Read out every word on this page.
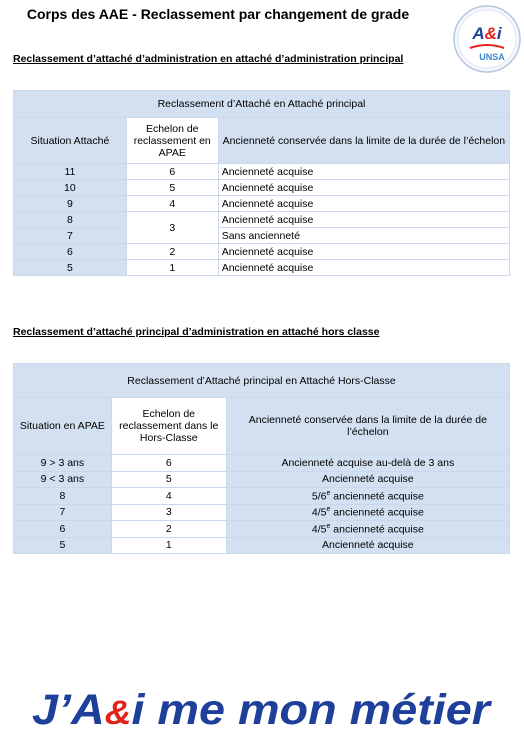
Corps des AAE - Reclassement par changement de grade
A&i
UNSA
Reclassement d’attaché d’administration en attaché d’administration principal
Reclassement d’Attaché en Attaché principal		
Situation Attaché	Echelon de reclassement en APAE	Ancienneté conservée dans la limite de la durée de l’échelon
11	6	Ancienneté acquise
10	5	Ancienneté acquise
9	4	Ancienneté acquise
8	3	Ancienneté acquise
7		Sans ancienneté
6	2	Ancienneté acquise
5	1	Ancienneté acquise
Reclassement d’attaché principal d’administration en attaché hors classe
Reclassement d’Attaché principal en Attaché Hors-Classe		
Situation en APAE	Echelon de reclassement dans le Hors-Classe	Ancienneté conservée dans la limite de la durée de l’échelon
9 > 3 ans	6	Ancienneté acquise au-delà de 3 ans
9 < 3 ans	5	Ancienneté acquise
8	4	5/6e ancienneté acquise
7	3	4/5e ancienneté acquise
6	2	4/5e ancienneté acquise
5	1	Ancienneté acquise
J’A &i me mon métier
